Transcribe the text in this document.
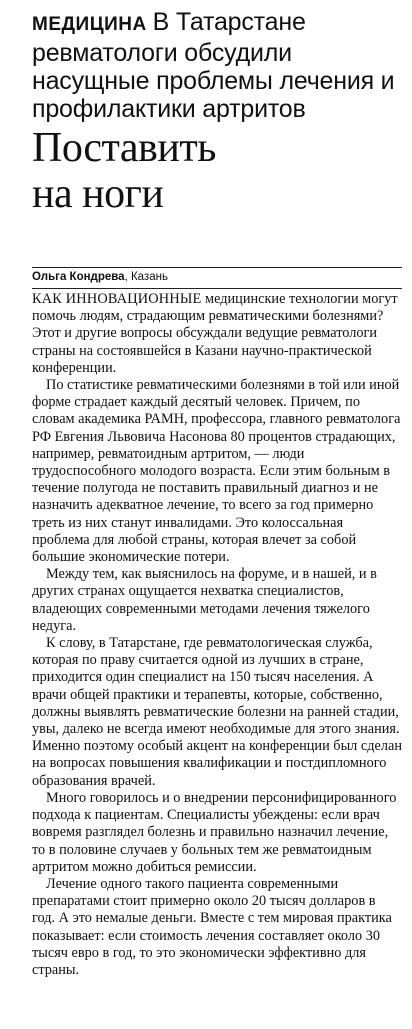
МЕДИЦИНА В Татарстане ревматологи обсудили насущные проблемы лечения и профилактики артритов
Поставить
на ноги
Ольга Кондрева, Казань

КАК ИННОВАЦИОННЫЕ медицинские технологии могут помочь людям, страдающим ревматическими болезнями? Этот и другие вопросы обсуждали ведущие ревматологи страны на состоявшейся в Казани научно-практической конференции.

По статистике ревматическими болезнями в той или иной форме страдает каждый десятый человек. Причем, по словам академика РАМН, профессора, главного ревматолога РФ Евгения Львовича Насонова 80 процентов страдающих, например, ревматоидным артритом, — люди трудоспособного молодого возраста. Если этим больным в течение полугода не поставить правильный диагноз и не назначить адекватное лечение, то всего за год примерно треть из них станут инвалидами. Это колоссальная проблема для любой страны, которая влечет за собой большие экономические потери.

Между тем, как выяснилось на форуме, и в нашей, и в других странах ощущается нехватка специалистов, владеющих современными методами лечения тяжелого недуга.

К слову, в Татарстане, где ревматологическая служба, которая по праву считается одной из лучших в стране, приходится один специалист на 150 тысяч населения. А врачи общей практики и терапевты, которые, собственно, должны выявлять ревматические болезни на ранней стадии, увы, далеко не всегда имеют необходимые для этого знания. Именно поэтому особый акцент на конференции был сделан на вопросах повышения квалификации и постдипломного образования врачей.

Много говорилось и о внедрении персонифицированного подхода к пациентам. Специалисты убеждены: если врач вовремя разглядел болезнь и правильно назначил лечение, то в половине случаев у больных тем же ревматоидным артритом можно добиться ремиссии.

Лечение одного такого пациента современными препаратами стоит примерно около 20 тысяч долларов в год. А это немалые деньги. Вместе с тем мировая практика показывает: если стоимость лечения составляет около 30 тысяч евро в год, то это экономически эффективно для страны.
